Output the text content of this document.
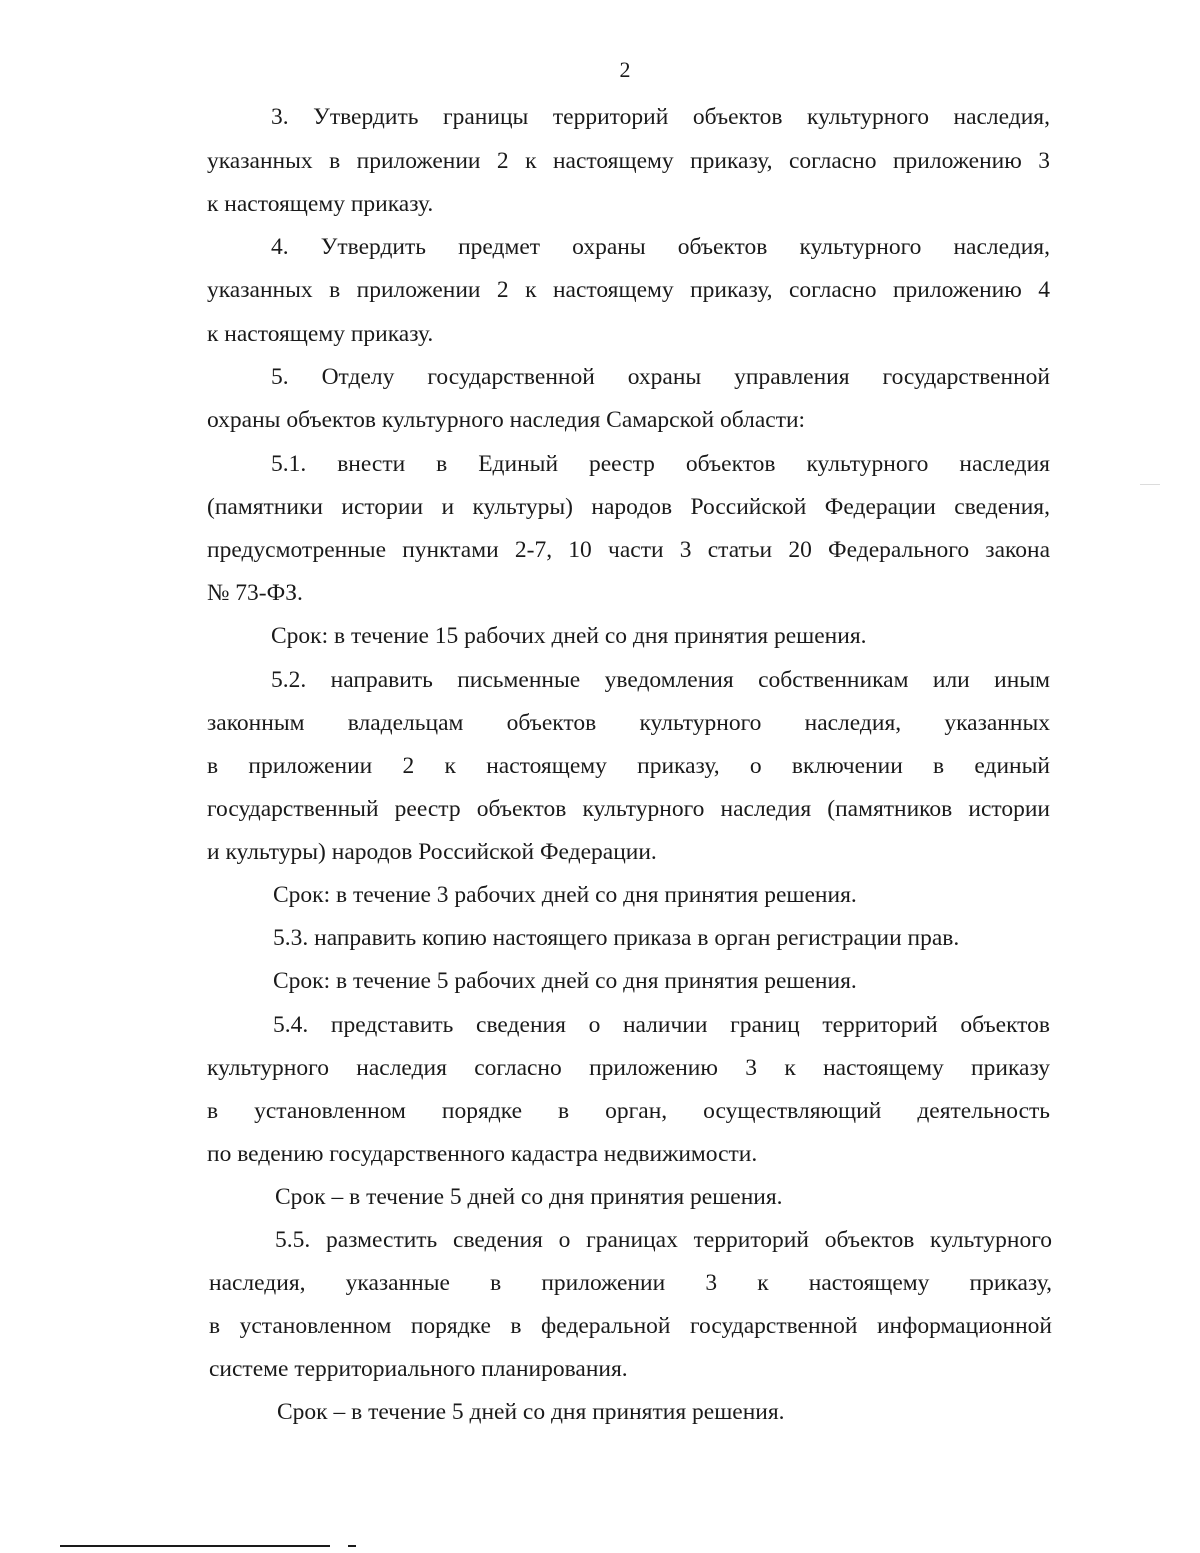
2
3. Утвердить границы территорий объектов культурного наследия,
указанных в приложении 2 к настоящему приказу, согласно приложению 3
к настоящему приказу.
4. Утвердить предмет охраны объектов культурного наследия,
указанных в приложении 2 к настоящему приказу, согласно приложению 4
к настоящему приказу.
5. Отделу государственной охраны управления государственной
охраны объектов культурного наследия Самарской области:
5.1. внести в Единый реестр объектов культурного наследия
(памятники истории и культуры) народов Российской Федерации сведения,
предусмотренные пунктами 2-7, 10 части 3 статьи 20 Федерального закона
№ 73-ФЗ.
Срок: в течение 15 рабочих дней со дня принятия решения.
5.2. направить письменные уведомления собственникам или иным
законным владельцам объектов культурного наследия, указанных
в приложении 2 к настоящему приказу, о включении в единый
государственный реестр объектов культурного наследия (памятников истории
и культуры) народов Российской Федерации.
Срок: в течение 3 рабочих дней со дня принятия решения.
5.3. направить копию настоящего приказа в орган регистрации прав.
Срок: в течение 5 рабочих дней со дня принятия решения.
5.4. представить сведения о наличии границ территорий объектов
культурного наследия согласно приложению 3 к настоящему приказу
в установленном порядке в орган, осуществляющий деятельность
по ведению государственного кадастра недвижимости.
Срок – в течение 5 дней со дня принятия решения.
5.5. разместить сведения о границах территорий объектов культурного
наследия, указанные в приложении 3 к настоящему приказу,
в установленном порядке в федеральной государственной информационной
системе территориального планирования.
Срок – в течение 5 дней со дня принятия решения.
